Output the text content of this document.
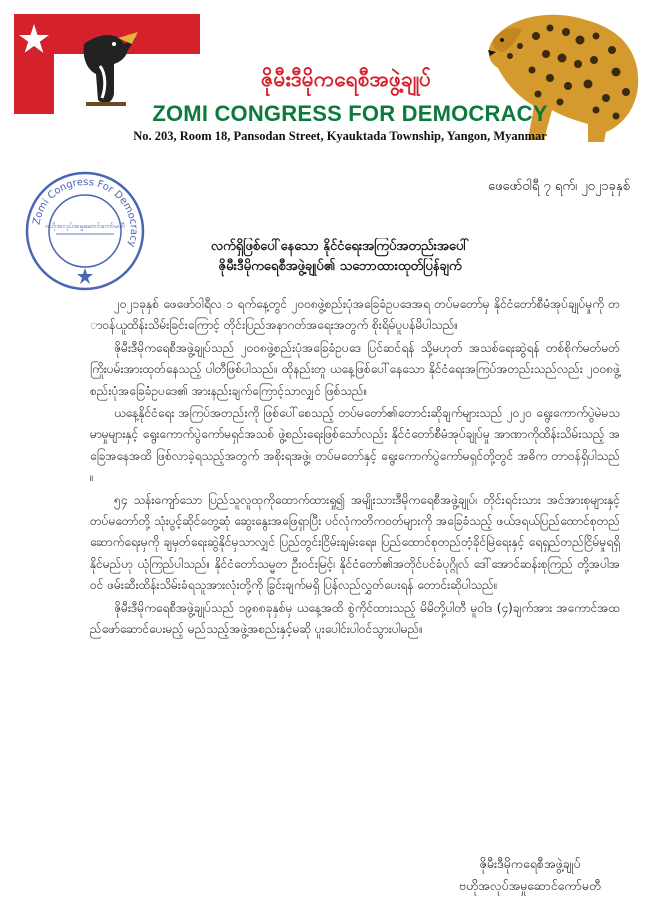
ဇိုမီးဒီမိုကရေစီအဖွဲ့ချုပ်
ZOMI CONGRESS FOR DEMOCRACY
No. 203, Room 18, Pansodan Street, Kyauktada Township, Yangon, Myanmar
Zomi Congress For Democracy
ဗဟိုအလုပ်အမှုဆောင်ကော်မတီ
ဖေဖော်ဝါရီ ၇ ရက်၊ ၂၀၂၁ခုနှစ်
လက်ရှိဖြစ်ပေါ်နေသော နိုင်ငံရေးအကြပ်အတည်းအပေါ်
ဇိုမီးဒီမိုကရေစီအဖွဲ့ချုပ်၏ သဘောထားထုတ်ပြန်ချက်

၂၀၂၁ခုနှစ် ဖေဖော်ဝါရီလ ၁ ရက်နေ့တွင် ၂၀၀၈ဖွဲ့စည်းပုံအခြေခံဥပဒေအရ တပ်မတော်မှ နိုင်ငံတော်စီမံအုပ်ချုပ်မှုကို တာဝန်ယူထိန်းသိမ်းခြင်းကြောင့် တိုင်းပြည်အနာဂတ်အရေးအတွက် စိုးရိမ်ပူပန်မိပါသည်။

ဇိုမီးဒီမိုကရေစီအဖွဲ့ချုပ်သည် ၂၀၀၈ဖွဲ့စည်းပုံအခြေခံဥပဒေ ပြင်ဆင်ရန် သို့မဟုတ် အသစ်ရေးဆွဲရန် တစ်စိုက်မတ်မတ် ကြိုးပမ်းအားထုတ်နေသည့် ပါတီဖြစ်ပါသည်။ ထိုနည်းတူ ယနေ့ဖြစ်ပေါ်နေသော နိုင်ငံရေးအကြပ်အတည်းသည်လည်း ၂၀၀၈ဖွဲ့စည်းပုံအခြေခံဥပဒေ၏ အားနည်းချက်ကြောင့်သာလျှင် ဖြစ်သည်။

ယနေ့နိုင်ငံရေး အကြပ်အတည်းကို ဖြစ်ပေါ်စေသည့် တပ်မတော်၏တောင်းဆိုချက်များသည် ၂၀၂၀ ရွေးကောက်ပွဲမဲမသမာမှုများနှင့် ရွေးကောက်ပွဲကော်မရှင်အသစ် ဖွဲ့စည်းရေးဖြစ်သော်လည်း နိုင်ငံတော်စီမံအုပ်ချုပ်မှု အာဏာကိုထိန်းသိမ်းသည့် အခြေအနေအထိ ဖြစ်လာခဲ့ရသည့်အတွက် အစိုးရအဖွဲ့၊ တပ်မတော်နှင့် ရွေးကောက်ပွဲကော်မရှင်တို့တွင် အဓိက တာဝန်ရှိပါသည်။

၅၄ သန်းကျော်သော ပြည်သူလူထုကိုထောက်ထားရှု၍ အမျိုးသားဒီမိုကရေစီအဖွဲ့ချုပ်၊ တိုင်းရင်းသား အင်အားစုများနှင့် တပ်မတော်တို့ သုံးပွင့်ဆိုင်တွေ့ဆုံ ဆွေးနွေးအဖြေရှာပြီး ပင်လုံကတိကဝတ်များကို အခြေခံသည့် ဖယ်ဒရယ်ပြည်ထောင်စုတည်ဆောက်ရေးမှကို ချမှတ်ရေးဆွဲနိုင်မှသာလျှင် ပြည်တွင်းငြိမ်းချမ်းရေး၊ ပြည်ထောင်စုတည်တံ့ခိုင်မြဲရေးနှင့် ရေရှည်တည်ငြိမ်မှုရရှိနိုင်မည်ဟု ယုံကြည်ပါသည်။ နိုင်ငံတော်သမ္မတ ဦးဝင်းမြင့်၊ နိုင်ငံတော်၏အတိုင်ပင်ခံပုဂ္ဂိုလ် ဒေါ်အောင်ဆန်းစုကြည် တို့အပါအဝင် ဖမ်းဆီးထိန်းသိမ်းခံရသူအားလုံးတို့ကို ခြွင်းချက်မရှိ ပြန်လည်လွှတ်ပေးရန် တောင်းဆိုပါသည်။

ဇိုမီးဒီမိုကရေစီအဖွဲ့ချုပ်သည် ၁၉၈၈ခုနှစ်မှ ယနေ့အထိ စွဲကိုင်ထားသည့် မိမိတို့ပါတီ မူဝါဒ (၄)ချက်အား အကောင်အထည်ဖော်ဆောင်ပေးမည့် မည်သည့်အဖွဲ့အစည်းနှင့်မဆို ပူးပေါင်းပါဝင်သွားပါမည်။

ဇိုမီးဒီမိုကရေစီအဖွဲ့ချုပ်
ဗဟိုအလုပ်အမှုဆောင်ကော်မတီ
